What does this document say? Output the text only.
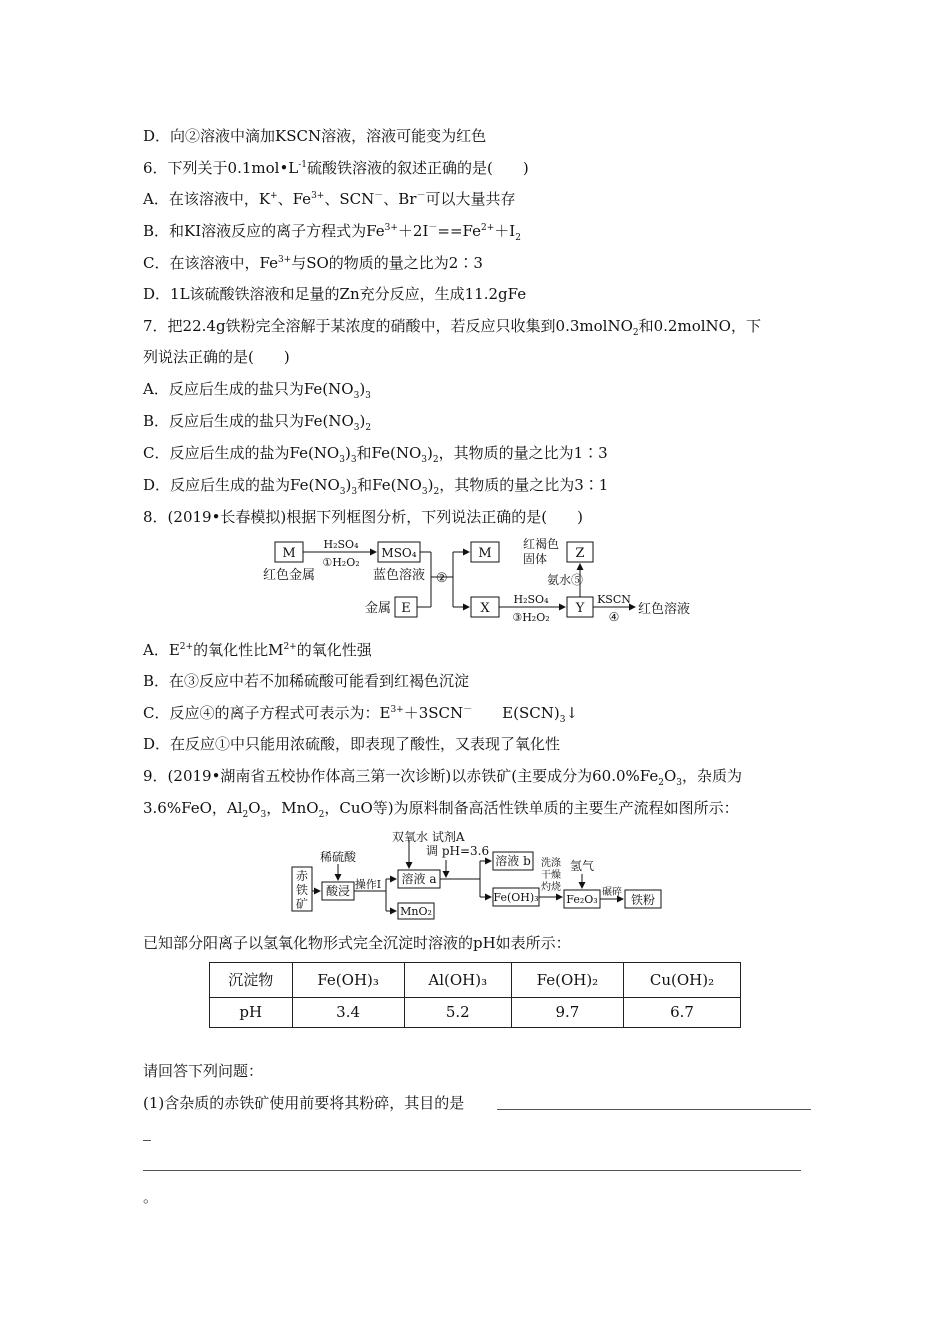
D．向②溶液中滴加KSCN溶液，溶液可能变为红色
6．下列关于$0.1mol•L^{-1}$硫酸铁溶液的叙述正确的是(　　)
A．在该溶液中，K+、$Fe^{3+}$、SCN－、Br－可以大量共存
B．和KI溶液反应的离子方程式为$Fe^{3+}+2I^-==Fe^{2+}+I_2$
C．在该溶液中，$Fe^{3+}$与SO的物质的量之比为2∶3
D．1L该硫酸铁溶液和足量的Zn充分反应，生成11.2gFe
7．把22.4g铁粉完全溶解于某浓度的硝酸中，若反应只收集到0.3molNO$_2$和0.2molNO，下
列说法正确的是(　　)
A．反应后生成的盐只为$Fe(NO_3)_3$
B．反应后生成的盐只为$Fe(NO_3)_2$
C．反应后生成的盐为$Fe(NO_3)_3$和$Fe(NO_3)_2$，其物质的量之比为1∶3
D．反应后生成的盐为$Fe(NO_3)_3$和$Fe(NO_3)_2$，其物质的量之比为3∶1
8．(2019•长春模拟)根据下列框图分析，下列说法正确的是(　　)
M
红色金属
H₂SO₄
①H₂O₂
MSO₄
蓝色溶液
金属 E
②
M
X
H₂SO₄
③H₂O₂
Y
Z
红褐色
固体
氨水⑤
KSCN
④ 红色溶液
A．$E^{2+}$的氧化性比$M^{2+}$的氧化性强
B．在③反应中若不加稀硫酸可能看到红褐色沉淀
C．反应④的离子方程式可表示为：$E^{3+}+3SCN^-$ $E(SCN)_3↓$
D．在反应①中只能用浓硫酸，即表现了酸性，又表现了氧化性
9．(2019•湖南省五校协作体高三第一次诊断)以赤铁矿(主要成分为$60.0\%Fe_2O_3$，杂质为
3.6%FeO，$Al_2O_3$，MnO$_2$，CuO等)为原料制备高活性铁单质的主要生产流程如图所示：
赤
铁
矿
稀硫酸
酸浸 操作Ⅰ
双氧水 试剂A
调 pH=3.6
溶液 a
MnO₂
溶液 b
Fe(OH)₃
洗涤
干燥
灼烧
氢气
Fe₂O₃
碾碎
铁粉
已知部分阳离子以氢氧化物形式完全沉淀时溶液的pH如表所示：
沉淀物	Fe(OH)₃	Al(OH)₃	Fe(OH)₂	Cu(OH)₂
pH	3.4	5.2	9.7	6.7
请回答下列问题：
(1)含杂质的赤铁矿使用前要将其粉碎，其目的是
。
